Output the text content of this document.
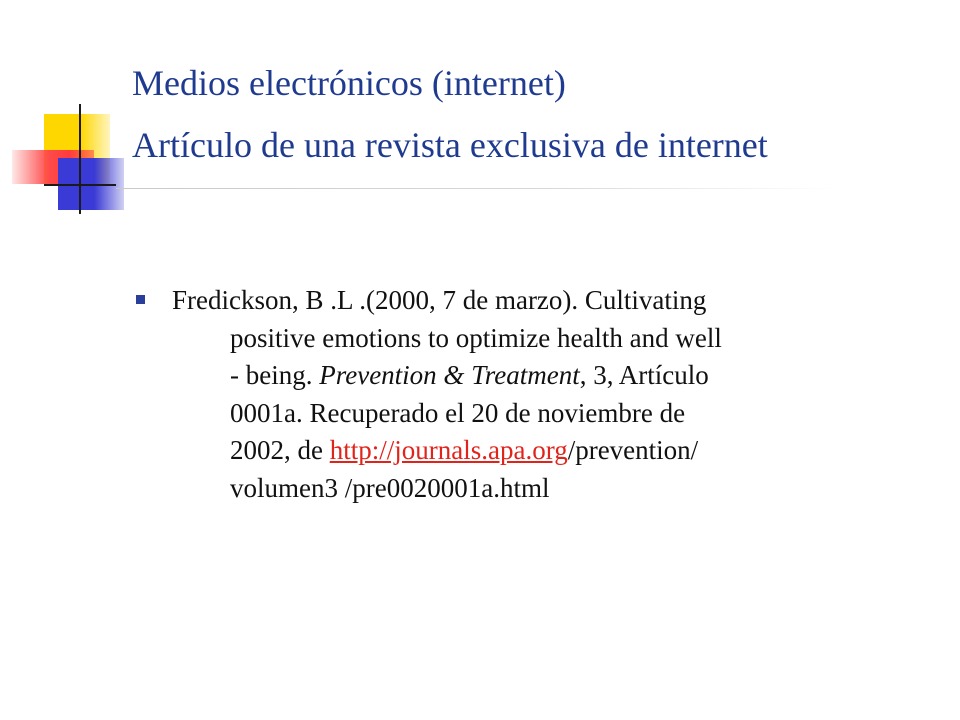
Medios electrónicos (internet)
Artículo de una revista exclusiva de internet
Fredickson, B .L .(2000, 7 de marzo). Cultivating
positive emotions to optimize health and well
- being. Prevention & Treatment, 3, Artículo
0001a. Recuperado el 20 de noviembre de
2002, de http://journals.apa.org/prevention/
volumen3 /pre0020001a.html
